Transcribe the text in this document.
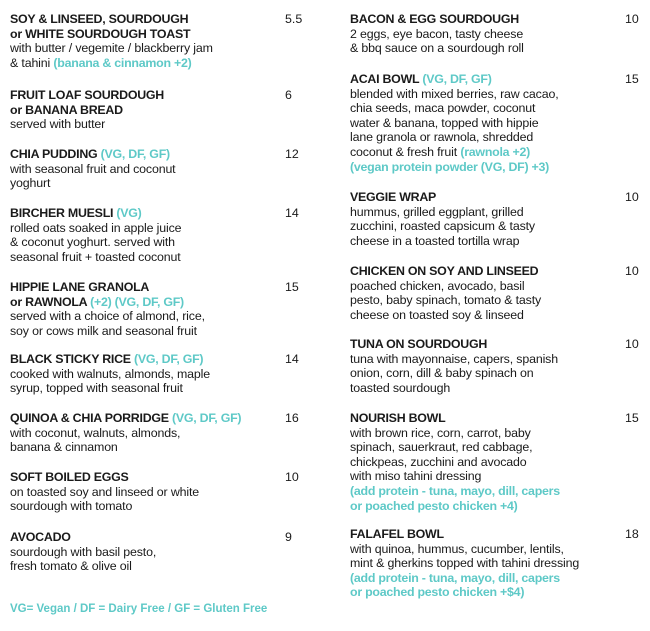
SOY & LINSEED, SOURDOUGH
or WHITE SOURDOUGH TOAST
with butter / vegemite / blackberry jam
& tahini (banana & cinnamon +2)
5.5
FRUIT LOAF SOURDOUGH
or BANANA BREAD
served with butter
6
CHIA PUDDING (VG, DF, GF)
with seasonal fruit and coconut
yoghurt
12
BIRCHER MUESLI (VG)
rolled oats soaked in apple juice
& coconut yoghurt. served with
seasonal fruit + toasted coconut
14
HIPPIE LANE GRANOLA
or RAWNOLA (+2) (VG, DF, GF)
served with a choice of almond, rice,
soy or cows milk and seasonal fruit
15
BLACK STICKY RICE (VG, DF, GF)
cooked with walnuts, almonds, maple
syrup, topped with seasonal fruit
14
QUINOA & CHIA PORRIDGE (VG, DF, GF)
with coconut, walnuts, almonds,
banana & cinnamon
16
SOFT BOILED EGGS
on toasted soy and linseed or white
sourdough with tomato
10
AVOCADO
sourdough with basil pesto,
fresh tomato & olive oil
9
BACON & EGG SOURDOUGH
2 eggs, eye bacon, tasty cheese
& bbq sauce on a sourdough roll
10
ACAI BOWL (VG, DF, GF)
blended with mixed berries, raw cacao,
chia seeds, maca powder, coconut
water & banana, topped with hippie
lane granola or rawnola, shredded
coconut & fresh fruit (rawnola +2)
(vegan protein powder (VG, DF) +3)
15
VEGGIE WRAP
hummus, grilled eggplant, grilled
zucchini, roasted capsicum & tasty
cheese in a toasted tortilla wrap
10
CHICKEN ON SOY AND LINSEED
poached chicken, avocado, basil
pesto, baby spinach, tomato & tasty
cheese on toasted soy & linseed
10
TUNA ON SOURDOUGH
tuna with mayonnaise, capers, spanish
onion, corn, dill & baby spinach on
toasted sourdough
10
NOURISH BOWL
with brown rice, corn, carrot, baby
spinach, sauerkraut, red cabbage,
chickpeas, zucchini and avocado
with miso tahini dressing
(add protein - tuna, mayo, dill, capers
or poached pesto chicken +4)
15
FALAFEL BOWL
with quinoa, hummus, cucumber, lentils,
mint & gherkins topped with tahini dressing
(add protein - tuna, mayo, dill, capers
or poached pesto chicken +$4)
18
VG= Vegan / DF = Dairy Free / GF = Gluten Free
